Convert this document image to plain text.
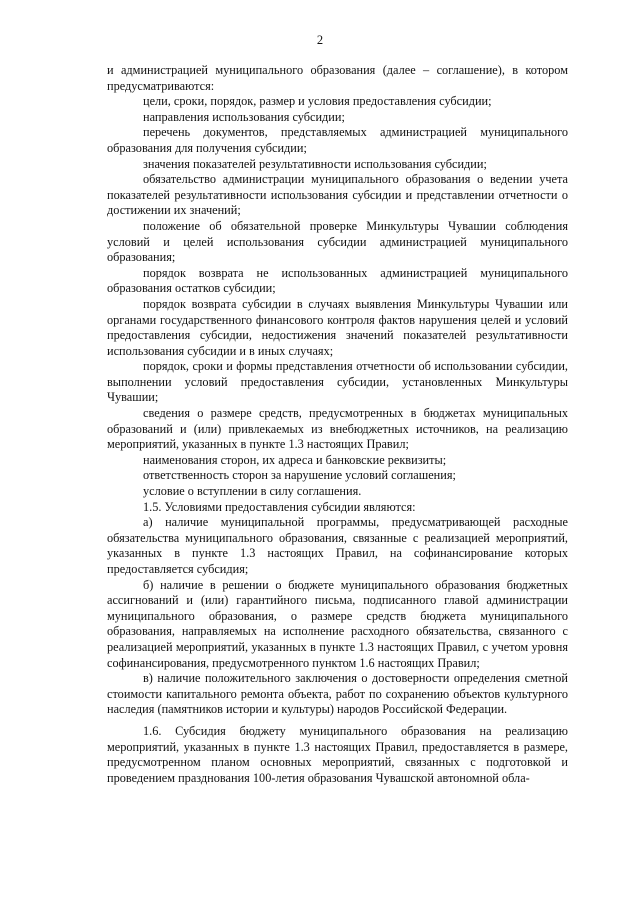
2

и администрацией муниципального образования (далее – соглашение), в котором предусматриваются:

цели, сроки, порядок, размер и условия предоставления субсидии;

направления использования субсидии;

перечень документов, представляемых администрацией муниципального образования для получения субсидии;

значения показателей результативности использования субсидии;

обязательство администрации муниципального образования о ведении учета показателей результативности использования субсидии и представлении отчетности о достижении их значений;

положение об обязательной проверке Минкультуры Чувашии соблюдения условий и целей использования субсидии администрацией муниципального образования;

порядок возврата не использованных администрацией муниципального образования остатков субсидии;

порядок возврата субсидии в случаях выявления Минкультуры Чувашии или органами государственного финансового контроля фактов нарушения целей и условий предоставления субсидии, недостижения значений показателей результативности использования субсидии и в иных случаях;

порядок, сроки и формы представления отчетности об использовании субсидии, выполнении условий предоставления субсидии, установленных Минкультуры Чувашии;

сведения о размере средств, предусмотренных в бюджетах муниципальных образований и (или) привлекаемых из внебюджетных источников, на реализацию мероприятий, указанных в пункте 1.3 настоящих Правил;

наименования сторон, их адреса и банковские реквизиты;

ответственность сторон за нарушение условий соглашения;

условие о вступлении в силу соглашения.

1.5. Условиями предоставления субсидии являются:

а) наличие муниципальной программы, предусматривающей расходные обязательства муниципального образования, связанные с реализацией мероприятий, указанных в пункте 1.3 настоящих Правил, на софинансирование которых предоставляется субсидия;

б) наличие в решении о бюджете муниципального образования бюджетных ассигнований и (или) гарантийного письма, подписанного главой администрации муниципального образования, о размере средств бюджета муниципального образования, направляемых на исполнение расходного обязательства, связанного с реализацией мероприятий, указанных в пункте 1.3 настоящих Правил, с учетом уровня софинансирования, предусмотренного пунктом 1.6 настоящих Правил;

в) наличие положительного заключения о достоверности определения сметной стоимости капитального ремонта объекта, работ по сохранению объектов культурного наследия (памятников истории и культуры) народов Российской Федерации.

1.6. Субсидия бюджету муниципального образования на реализацию мероприятий, указанных в пункте 1.3 настоящих Правил, предоставляется в размере, предусмотренном планом основных мероприятий, связанных с подготовкой и проведением празднования 100-летия образования Чувашской автономной обла-
